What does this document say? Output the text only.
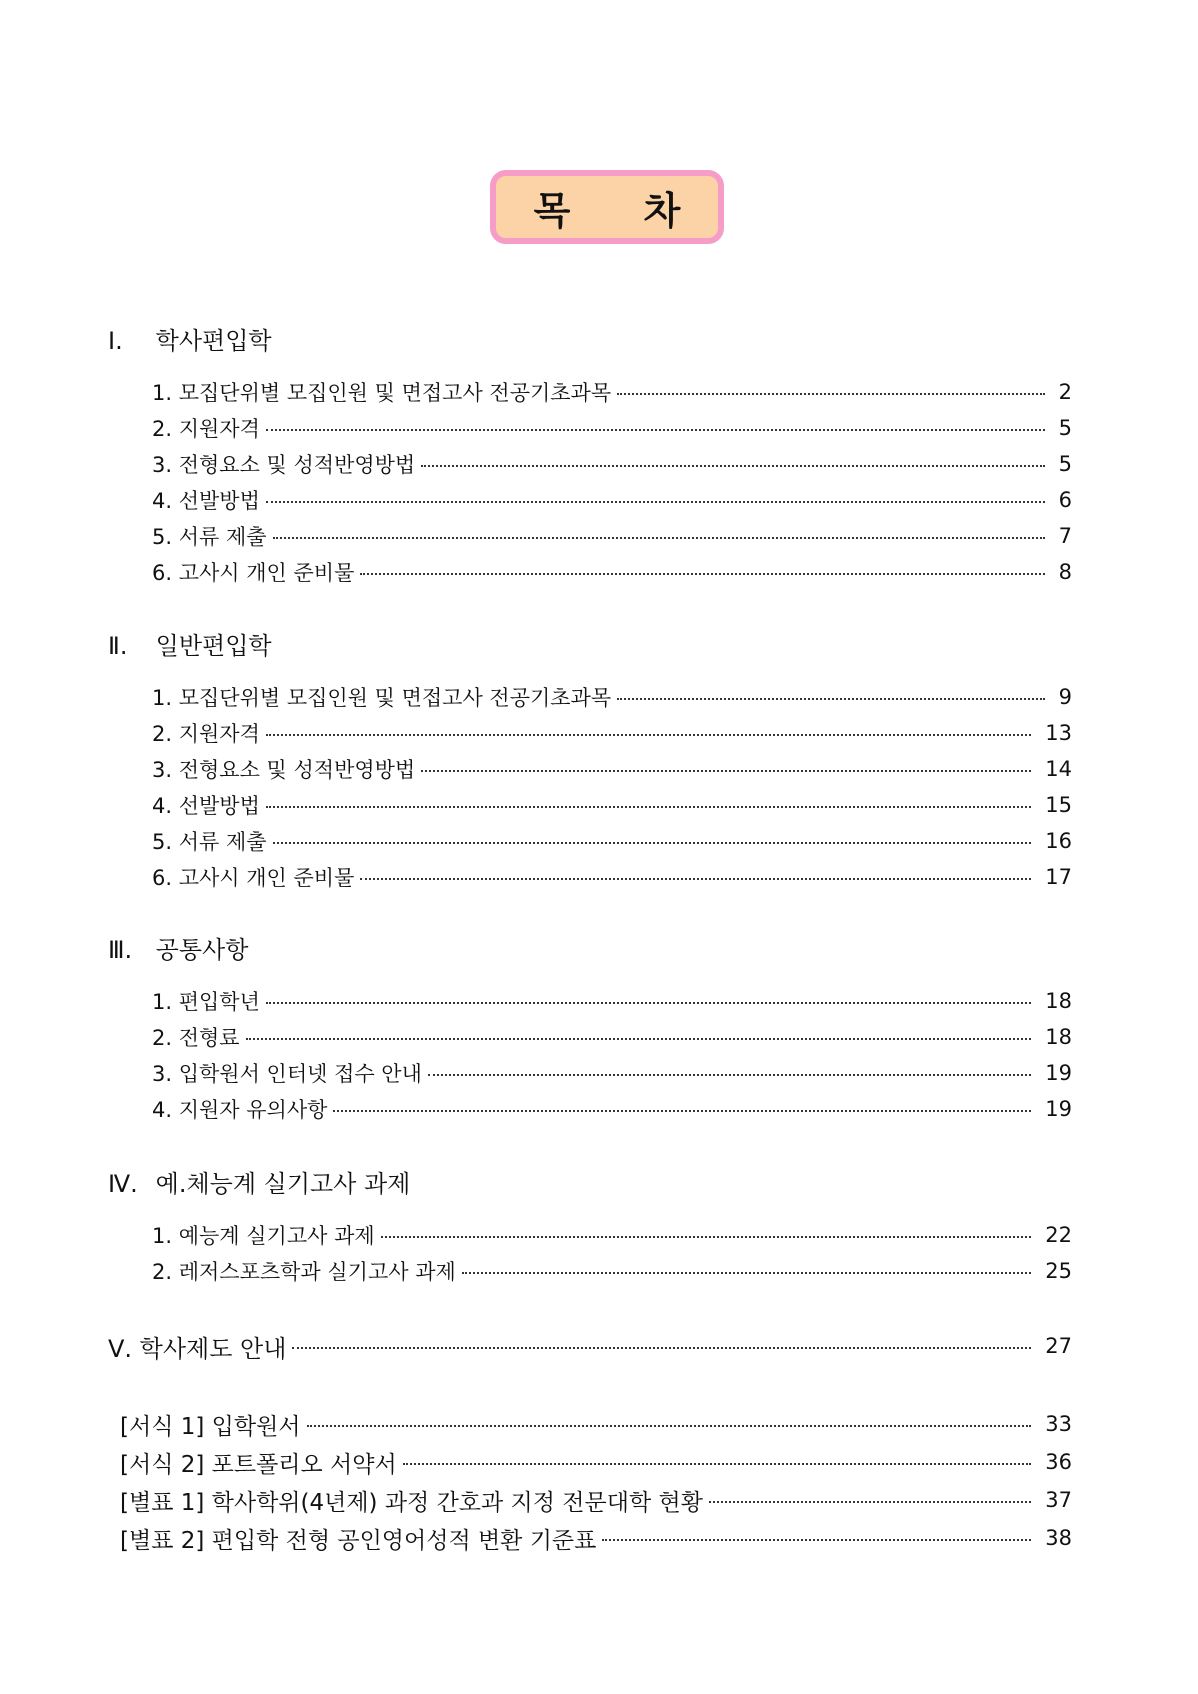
목 차
Ⅰ. 학사편입학
1. 모집단위별 모집인원 및 면접고사 전공기초과목	2
2. 지원자격	5
3. 전형요소 및 성적반영방법	5
4. 선발방법	6
5. 서류 제출	7
6. 고사시 개인 준비물	8
Ⅱ. 일반편입학
1. 모집단위별 모집인원 및 면접고사 전공기초과목	9
2. 지원자격	13
3. 전형요소 및 성적반영방법	14
4. 선발방법	15
5. 서류 제출	16
6. 고사시 개인 준비물	17
Ⅲ. 공통사항
1. 편입학년	18
2. 전형료	18
3. 입학원서 인터넷 접수 안내	19
4. 지원자 유의사항	19
Ⅳ. 예.체능계 실기고사 과제
1. 예능계 실기고사 과제	22
2. 레저스포츠학과 실기고사 과제	25
Ⅴ. 학사제도 안내	27
[서식 1] 입학원서	33
[서식 2] 포트폴리오 서약서	36
[별표 1] 학사학위(4년제) 과정 간호과 지정 전문대학 현황	37
[별표 2] 편입학 전형 공인영어성적 변환 기준표	38
